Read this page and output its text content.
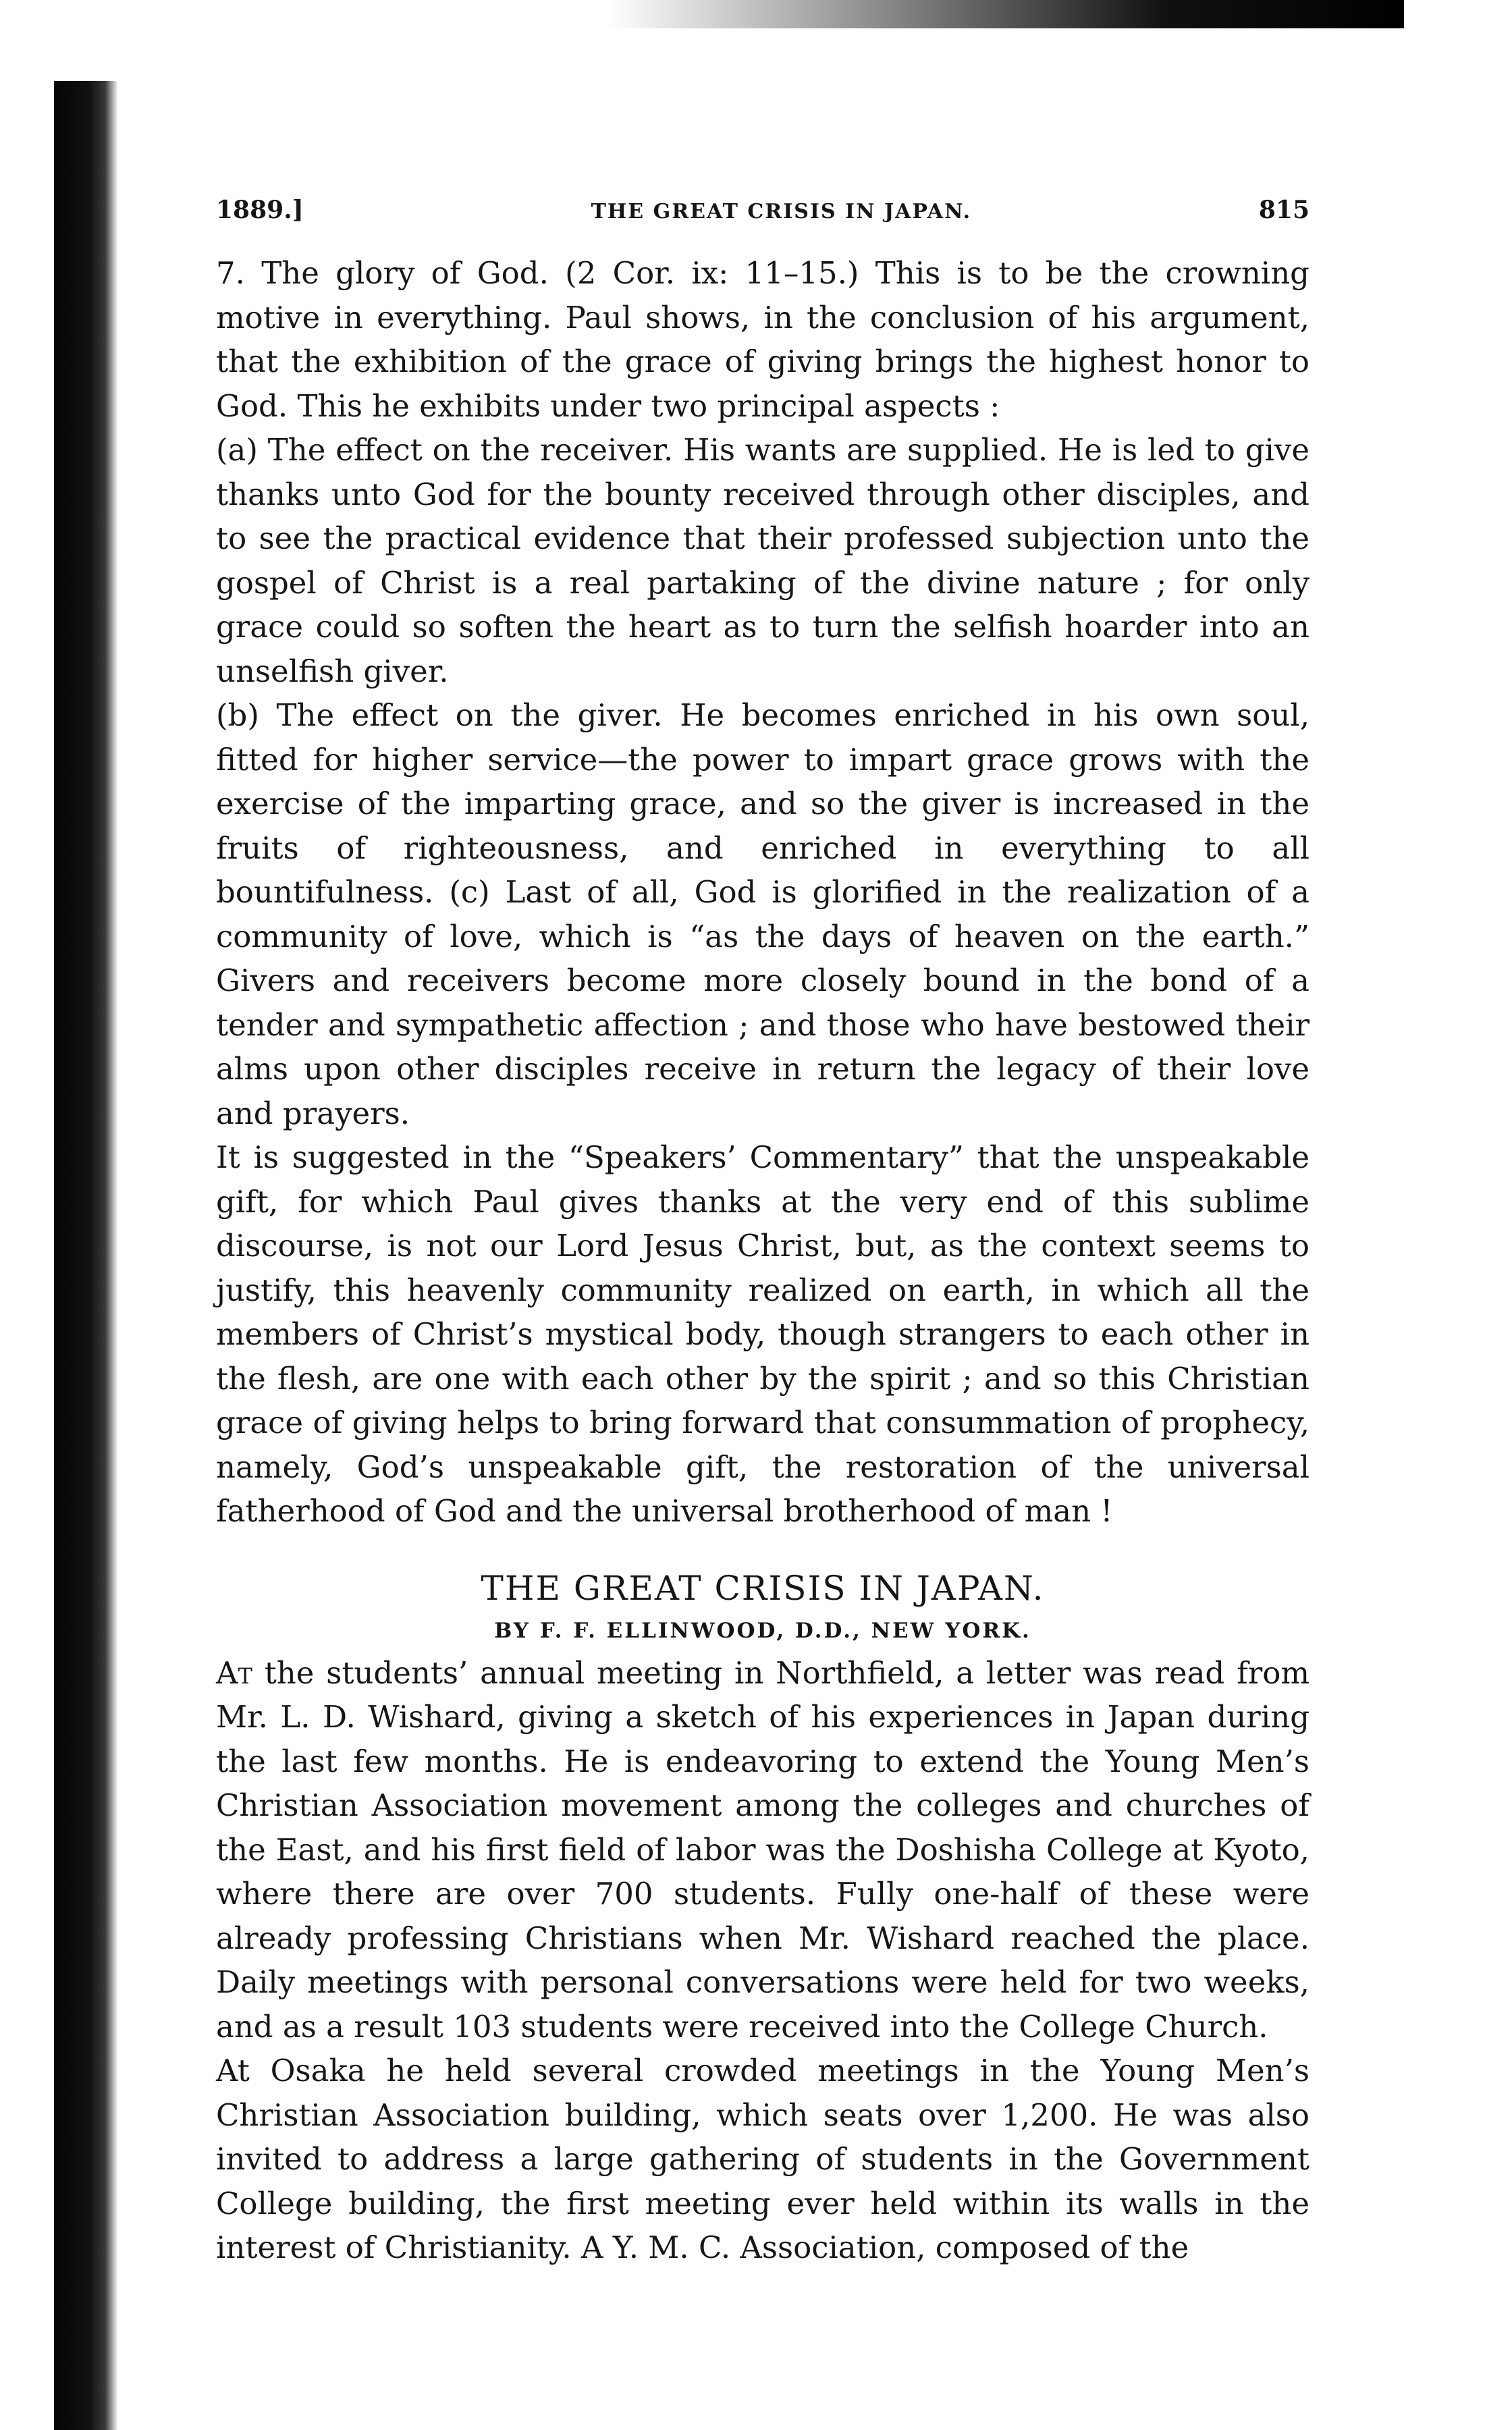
1889.]	THE GREAT CRISIS IN JAPAN.	815

7. The glory of God. (2 Cor. ix: 11–15.) This is to be the crowning motive in everything. Paul shows, in the conclusion of his argument, that the exhibition of the grace of giving brings the highest honor to God. This he exhibits under two principal aspects :

(a) The effect on the receiver. His wants are supplied. He is led to give thanks unto God for the bounty received through other disciples, and to see the practical evidence that their professed subjection unto the gospel of Christ is a real partaking of the divine nature ; for only grace could so soften the heart as to turn the selfish hoarder into an unselfish giver.

(b) The effect on the giver. He becomes enriched in his own soul, fitted for higher service—the power to impart grace grows with the exercise of the imparting grace, and so the giver is increased in the fruits of righteousness, and enriched in everything to all bountifulness. (c) Last of all, God is glorified in the realization of a community of love, which is “as the days of heaven on the earth.” Givers and receivers become more closely bound in the bond of a tender and sympathetic affection ; and those who have bestowed their alms upon other disciples receive in return the legacy of their love and prayers.

It is suggested in the “Speakers’ Commentary” that the unspeakable gift, for which Paul gives thanks at the very end of this sublime discourse, is not our Lord Jesus Christ, but, as the context seems to justify, this heavenly community realized on earth, in which all the members of Christ’s mystical body, though strangers to each other in the flesh, are one with each other by the spirit ; and so this Christian grace of giving helps to bring forward that consummation of prophecy, namely, God’s unspeakable gift, the restoration of the universal fatherhood of God and the universal brotherhood of man !

THE GREAT CRISIS IN JAPAN.
BY F. F. ELLINWOOD, D.D., NEW YORK.

At the students’ annual meeting in Northfield, a letter was read from Mr. L. D. Wishard, giving a sketch of his experiences in Japan during the last few months. He is endeavoring to extend the Young Men’s Christian Association movement among the colleges and churches of the East, and his first field of labor was the Doshisha College at Kyoto, where there are over 700 students. Fully one-half of these were already professing Christians when Mr. Wishard reached the place. Daily meetings with personal conversations were held for two weeks, and as a result 103 students were received into the College Church.

At Osaka he held several crowded meetings in the Young Men’s Christian Association building, which seats over 1,200. He was also invited to address a large gathering of students in the Government College building, the first meeting ever held within its walls in the interest of Christianity. A Y. M. C. Association, composed of the
